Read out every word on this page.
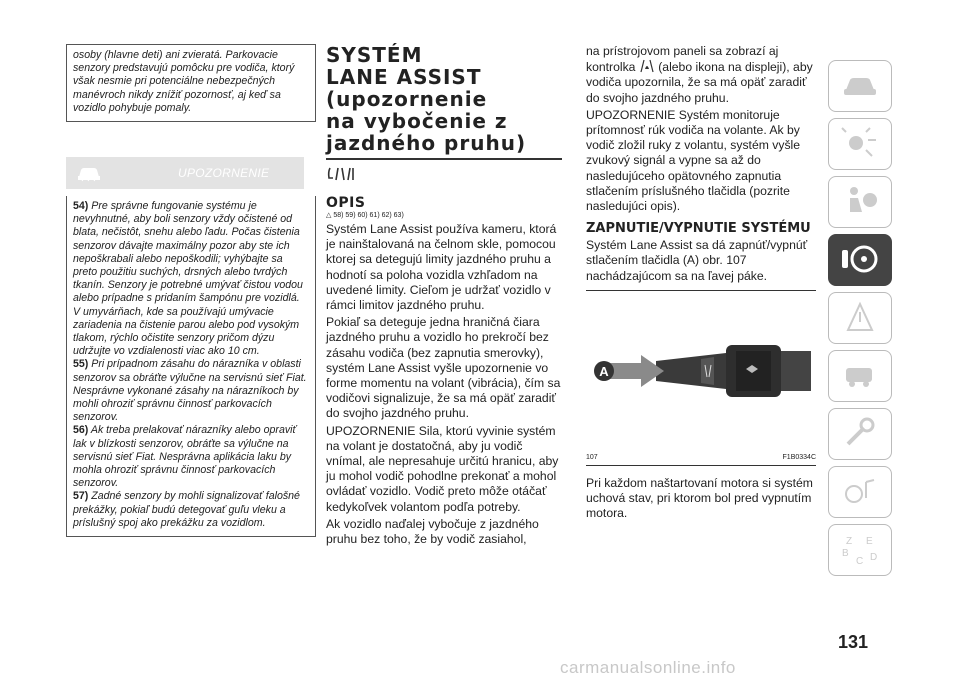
osoby (hlavne deti) ani zvieratá. Parkovacie senzory predstavujú pomôcku pre vodiča, ktorý však nesmie pri potenciálne nebezpečných manévroch nikdy znížiť pozornosť, aj keď sa vozidlo pohybuje pomaly.
UPOZORNENIE
54) Pre správne fungovanie systému je nevyhnutné, aby boli senzory vždy očistené od blata, nečistôt, snehu alebo ľadu. Počas čistenia senzorov dávajte maximálny pozor aby ste ich nepoškrabali alebo nepoškodili; vyhýbajte sa preto použitiu suchých, drsných alebo tvrdých tkanín. Senzory je potrebné umývať čistou vodou alebo prípadne s pridaním šampónu pre vozidlá. V umyvárňach, kde sa používajú umývacie zariadenia na čistenie parou alebo pod vysokým tlakom, rýchlo očistite senzory pričom dýzu udržujte vo vzdialenosti viac ako 10 cm.
55) Pri prípadnom zásahu do nárazníka v oblasti senzorov sa obráťte výlučne na servisnú sieť Fiat. Nesprávne vykonané zásahy na nárazníkoch by mohli ohroziť správnu činnosť parkovacích senzorov.
56) Ak treba prelakovať nárazníky alebo opraviť lak v blízkosti senzorov, obráťte sa výlučne na servisnú sieť Fiat. Nesprávna aplikácia laku by mohla ohroziť správnu činnosť parkovacích senzorov.
57) Zadné senzory by mohli signalizovať falošné prekážky, pokiaľ budú detegovať guľu vleku a príslušný spoj ako prekážku za vozidlom.
SYSTÉM
LANE ASSIST
(upozornenie
na vybočenie z
jazdného pruhu)
OPIS
△ 58) 59) 60) 61) 62) 63)

Systém Lane Assist používa kameru, ktorá je nainštalovaná na čelnom skle, pomocou ktorej sa detegujú limity jazdného pruhu a hodnotí sa poloha vozidla vzhľadom na uvedené limity. Cieľom je udržať vozidlo v rámci limitov jazdného pruhu.

Pokiaľ sa deteguje jedna hraničná čiara jazdného pruhu a vozidlo ho prekročí bez zásahu vodiča (bez zapnutia smerovky), systém Lane Assist vyšle upozornenie vo forme momentu na volant (vibrácia), čím sa vodičovi signalizuje, že sa má opäť zaradiť do svojho jazdného pruhu.

UPOZORNENIE Sila, ktorú vyvinie systém na volant je dostatočná, aby ju vodič vnímal, ale nepresahuje určitú hranicu, aby ju mohol vodič pohodlne prekonať a mohol ovládať vozidlo. Vodič preto môže otáčať kedykoľvek volantom podľa potreby.

Ak vozidlo naďalej vybočuje z jazdného pruhu bez toho, že by vodič zasiahol,

na prístrojovom paneli sa zobrazí aj kontrolka (alebo ikona na displeji), aby vodiča upozornila, že sa má opäť zaradiť do svojho jazdného pruhu.

UPOZORNENIE Systém monitoruje prítomnosť rúk vodiča na volante. Ak by vodič zložil ruky z volantu, systém vyšle zvukový signál a vypne sa až do nasledujúceho opätovného zapnutia stlačením príslušného tlačidla (pozrite nasledujúci opis).

ZAPNUTIE/VYPNUTIE SYSTÉMU

Systém Lane Assist sa dá zapnúť/vypnúť stlačením tlačidla (A) obr. 107 nachádzajúcom sa na ľavej páke.

A
107	F1B0334C

Pri každom naštartovaní motora si systém uchová stav, pri ktorom bol pred vypnutím motora.

Z E
B
C D
131
carmanualsonline.info
